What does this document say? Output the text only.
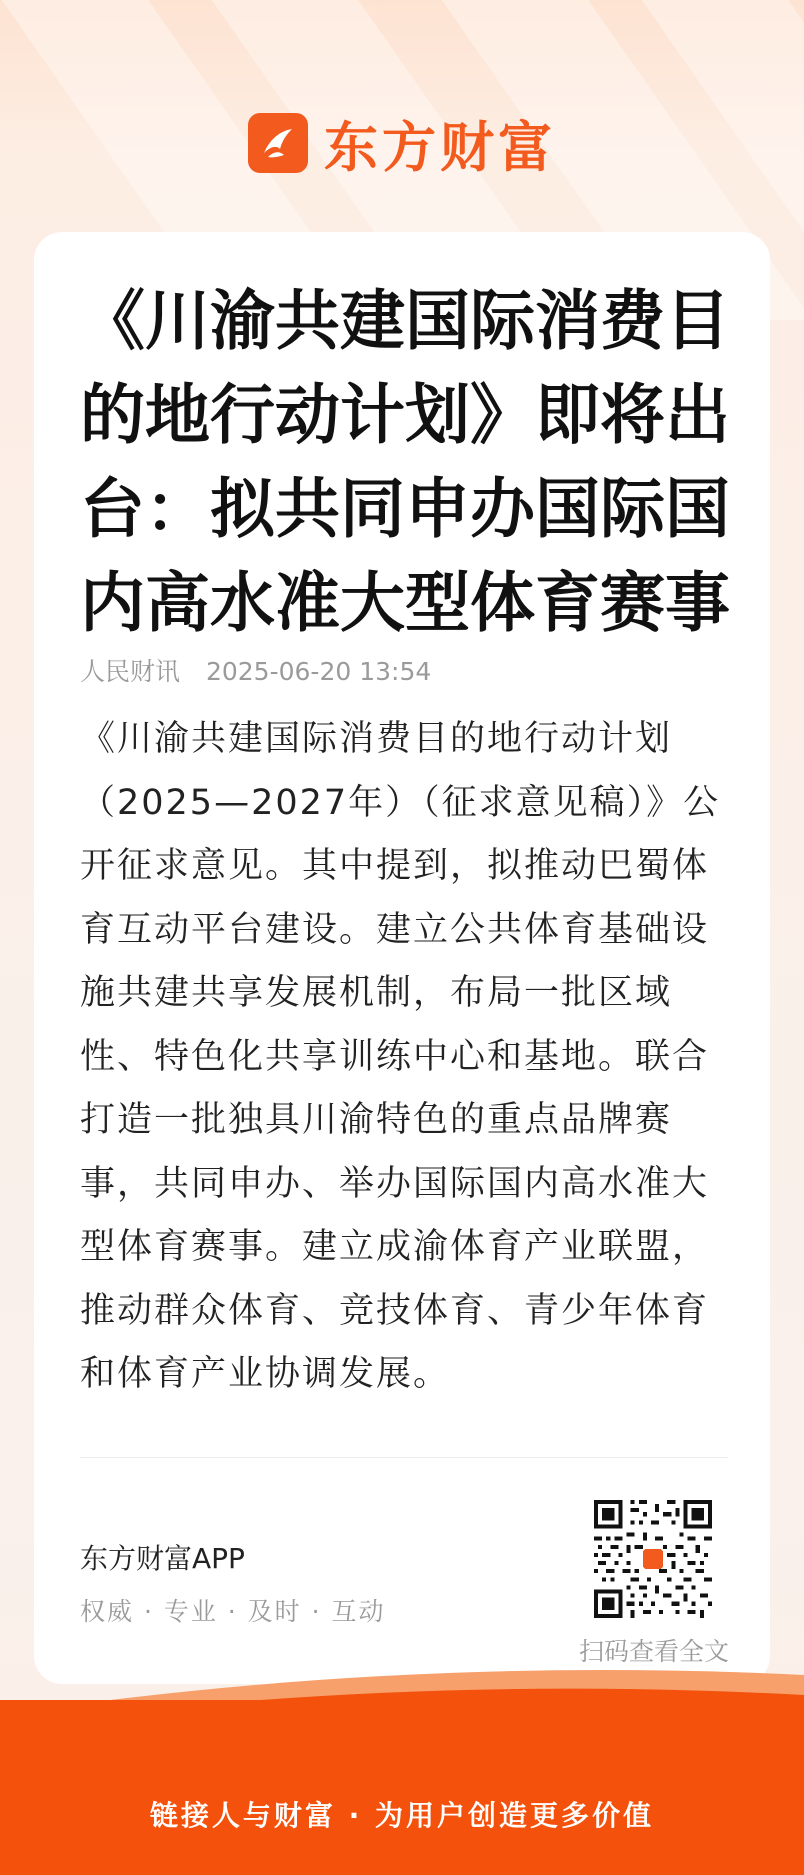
东方财富
《川渝共建国际消费目的地行动计划》即将出台：拟共同申办国际国内高水准大型体育赛事
人民财讯 2025-06-20 13:54

《川渝共建国际消费目的地行动计划（2025—2027年）（征求意见稿）》公开征求意见。其中提到，拟推动巴蜀体育互动平台建设。建立公共体育基础设施共建共享发展机制，布局一批区域性、特色化共享训练中心和基地。联合打造一批独具川渝特色的重点品牌赛事，共同申办、举办国际国内高水准大型体育赛事。建立成渝体育产业联盟，推动群众体育、竞技体育、青少年体育和体育产业协调发展。

东方财富APP
权威 · 专业 · 及时 · 互动
扫码查看全文
链接人与财富 · 为用户创造更多价值
